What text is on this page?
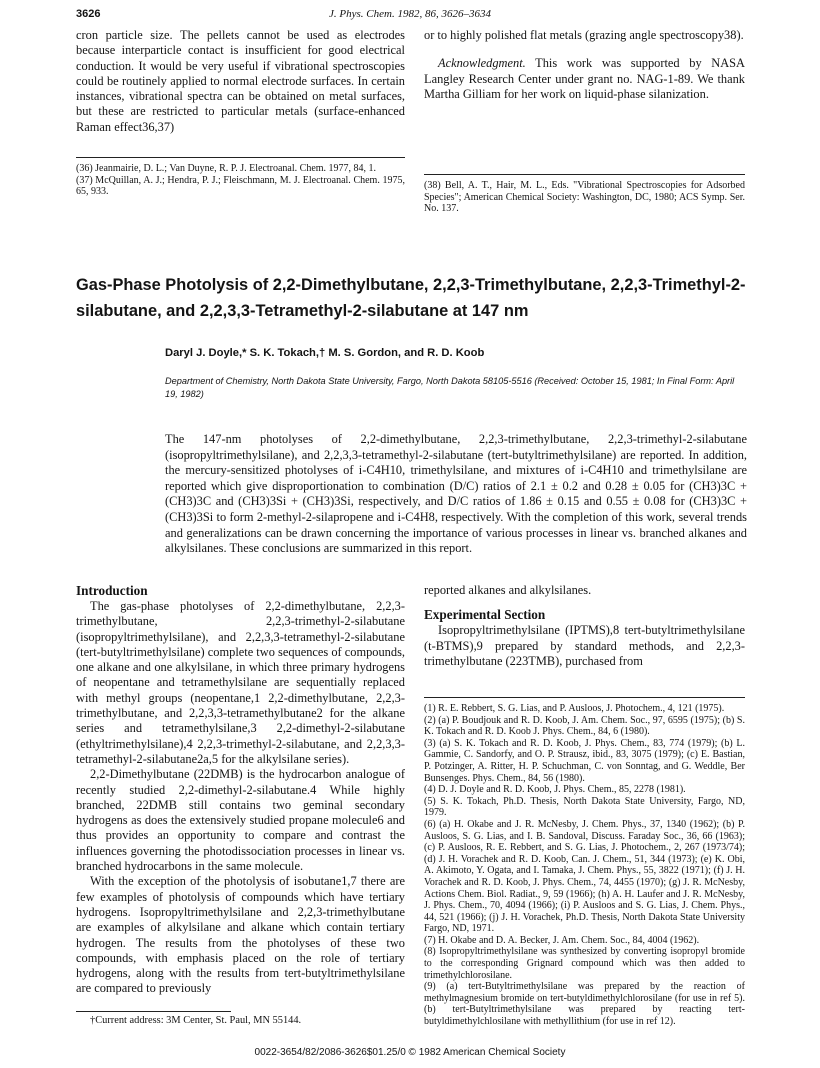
3626	J. Phys. Chem. 1982, 86, 3626–3634

cron particle size. The pellets cannot be used as electrodes because interparticle contact is insufficient for good electrical conduction. It would be very useful if vibrational spectroscopies could be routinely applied to normal electrode surfaces. In certain instances, vibrational spectra can be obtained on metal surfaces, but these are restricted to particular metals (surface-enhanced Raman effect36,37)

(36) Jeanmairie, D. L.; Van Duyne, R. P. J. Electroanal. Chem. 1977, 84, 1.

(37) McQuillan, A. J.; Hendra, P. J.; Fleischmann, M. J. Electroanal. Chem. 1975, 65, 933.

or to highly polished flat metals (grazing angle spectroscopy38).

Acknowledgment. This work was supported by NASA Langley Research Center under grant no. NAG-1-89. We thank Martha Gilliam for her work on liquid-phase silanization.

(38) Bell, A. T., Hair, M. L., Eds. "Vibrational Spectroscopies for Adsorbed Species"; American Chemical Society: Washington, DC, 1980; ACS Symp. Ser. No. 137.

Gas-Phase Photolysis of 2,2-Dimethylbutane, 2,2,3-Trimethylbutane, 2,2,3-Trimethyl-2-silabutane, and 2,2,3,3-Tetramethyl-2-silabutane at 147 nm
Daryl J. Doyle,* S. K. Tokach,† M. S. Gordon, and R. D. Koob
Department of Chemistry, North Dakota State University, Fargo, North Dakota 58105-5516 (Received: October 15, 1981; In Final Form: April 19, 1982)

The 147-nm photolyses of 2,2-dimethylbutane, 2,2,3-trimethylbutane, 2,2,3-trimethyl-2-silabutane (isopropyltrimethylsilane), and 2,2,3,3-tetramethyl-2-silabutane (tert-butyltrimethylsilane) are reported. In addition, the mercury-sensitized photolyses of i-C4H10, trimethylsilane, and mixtures of i-C4H10 and trimethylsilane are reported which give disproportionation to combination (D/C) ratios of 2.1 ± 0.2 and 0.28 ± 0.05 for (CH3)3C + (CH3)3C and (CH3)3Si + (CH3)3Si, respectively, and D/C ratios of 1.86 ± 0.15 and 0.55 ± 0.08 for (CH3)3C + (CH3)3Si to form 2-methyl-2-silapropene and i-C4H8, respectively. With the completion of this work, several trends and generalizations can be drawn concerning the importance of various processes in linear vs. branched alkanes and alkylsilanes. These conclusions are summarized in this report.

Introduction

The gas-phase photolyses of 2,2-dimethylbutane, 2,2,3-trimethylbutane, 2,2,3-trimethyl-2-silabutane (isopropyltrimethylsilane), and 2,2,3,3-tetramethyl-2-silabutane (tert-butyltrimethylsilane) complete two sequences of compounds, one alkane and one alkylsilane, in which three primary hydrogens of neopentane and tetramethylsilane are sequentially replaced with methyl groups (neopentane,1 2,2-dimethylbutane, 2,2,3-trimethylbutane, and 2,2,3,3-tetramethylbutane2 for the alkane series and tetramethylsilane,3 2,2-dimethyl-2-silabutane (ethyltrimethylsilane),4 2,2,3-trimethyl-2-silabutane, and 2,2,3,3-tetramethyl-2-silabutane2a,5 for the alkylsilane series).

2,2-Dimethylbutane (22DMB) is the hydrocarbon analogue of recently studied 2,2-dimethyl-2-silabutane.4 While highly branched, 22DMB still contains two geminal secondary hydrogens as does the extensively studied propane molecule6 and thus provides an opportunity to compare and contrast the influences governing the photodissociation processes in linear vs. branched hydrocarbons in the same molecule.

With the exception of the photolysis of isobutane1,7 there are few examples of photolysis of compounds which have tertiary hydrogens. Isopropyltrimethylsilane and 2,2,3-trimethylbutane are examples of alkylsilane and alkane which contain tertiary hydrogen. The results from the photolyses of these two compounds, with emphasis placed on the role of tertiary hydrogens, along with the results from tert-butyltrimethylsilane are compared to previously

†Current address: 3M Center, St. Paul, MN 55144.

reported alkanes and alkylsilanes.

Experimental Section

Isopropyltrimethylsilane (IPTMS),8 tert-butyltrimethylsilane (t-BTMS),9 prepared by standard methods, and 2,2,3-trimethylbutane (223TMB), purchased from

(1) R. E. Rebbert, S. G. Lias, and P. Ausloos, J. Photochem., 4, 121 (1975).

(2) (a) P. Boudjouk and R. D. Koob, J. Am. Chem. Soc., 97, 6595 (1975); (b) S. K. Tokach and R. D. Koob J. Phys. Chem., 84, 6 (1980).

(3) (a) S. K. Tokach and R. D. Koob, J. Phys. Chem., 83, 774 (1979); (b) L. Gammie, C. Sandorfy, and O. P. Strausz, ibid., 83, 3075 (1979); (c) E. Bastian, P. Potzinger, A. Ritter, H. P. Schuchman, C. von Sonntag, and G. Weddle, Ber Bunsenges. Phys. Chem., 84, 56 (1980).

(4) D. J. Doyle and R. D. Koob, J. Phys. Chem., 85, 2278 (1981).

(5) S. K. Tokach, Ph.D. Thesis, North Dakota State University, Fargo, ND, 1979.

(6) (a) H. Okabe and J. R. McNesby, J. Chem. Phys., 37, 1340 (1962); (b) P. Ausloos, S. G. Lias, and I. B. Sandoval, Discuss. Faraday Soc., 36, 66 (1963); (c) P. Ausloos, R. E. Rebbert, and S. G. Lias, J. Photochem., 2, 267 (1973/74); (d) J. H. Vorachek and R. D. Koob, Can. J. Chem., 51, 344 (1973); (e) K. Obi, A. Akimoto, Y. Ogata, and I. Tamaka, J. Chem. Phys., 55, 3822 (1971); (f) J. H. Vorachek and R. D. Koob, J. Phys. Chem., 74, 4455 (1970); (g) J. R. McNesby, Actions Chem. Biol. Radiat., 9, 59 (1966); (h) A. H. Laufer and J. R. McNesby, J. Phys. Chem., 70, 4094 (1966); (i) P. Ausloos and S. G. Lias, J. Chem. Phys., 44, 521 (1966); (j) J. H. Vorachek, Ph.D. Thesis, North Dakota State University Fargo, ND, 1971.

(7) H. Okabe and D. A. Becker, J. Am. Chem. Soc., 84, 4004 (1962).

(8) Isopropyltrimethylsilane was synthesized by converting isopropyl bromide to the corresponding Grignard compound which was then added to trimethylchlorosilane.

(9) (a) tert-Butyltrimethylsilane was prepared by the reaction of methylmagnesium bromide on tert-butyldimethylchlorosilane (for use in ref 5). (b) tert-Butyltrimethylsilane was prepared by reacting tert-butyldimethylchlosilane with methyllithium (for use in ref 12).

0022-3654/82/2086-3626$01.25/0 © 1982 American Chemical Society
